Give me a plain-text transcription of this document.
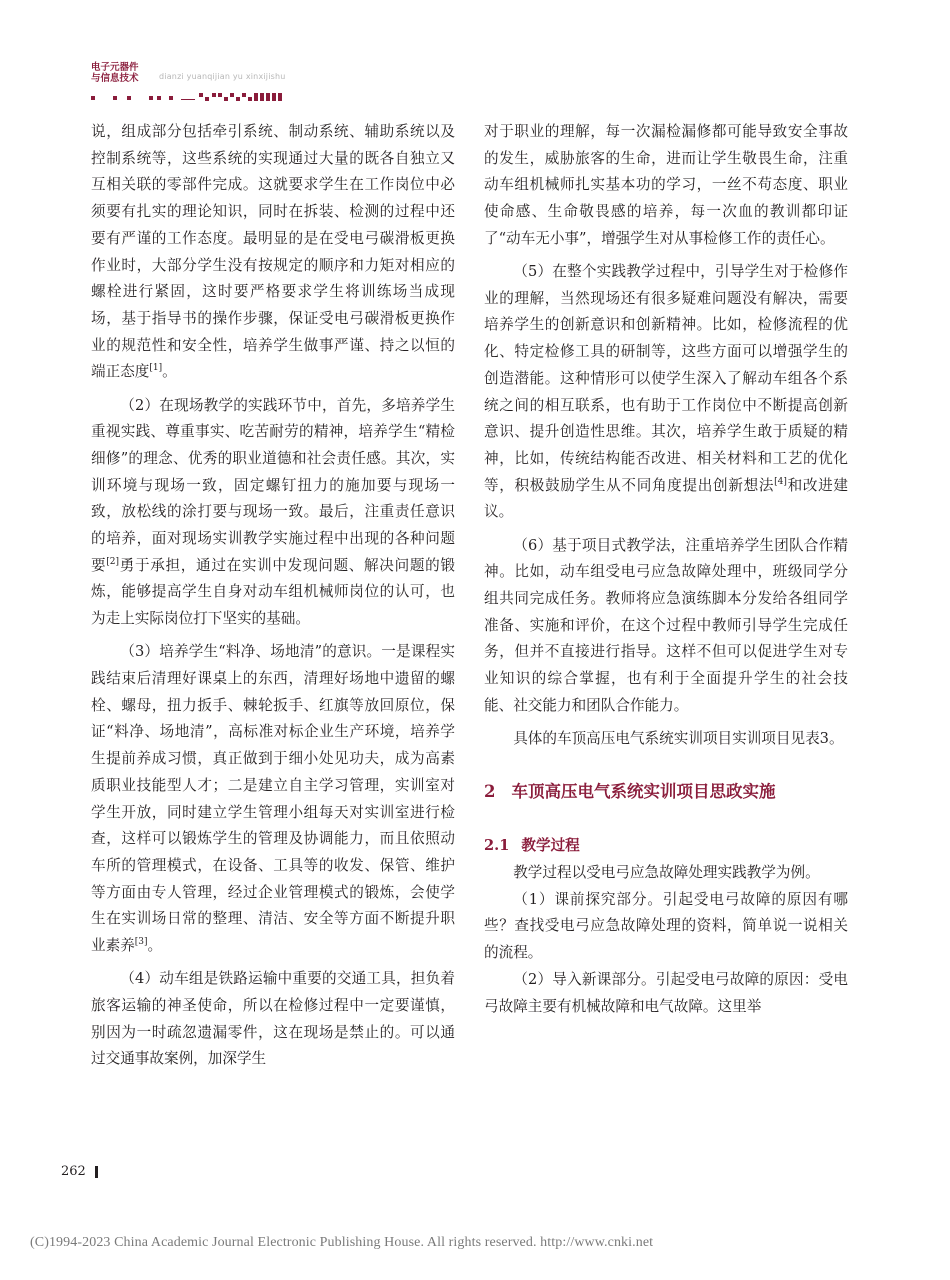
电子元器件
与信息技术	dianzi yuanqijian yu xinxijishu

说，组成部分包括牵引系统、制动系统、辅助系统以及控制系统等，这些系统的实现通过大量的既各自独立又互相关联的零部件完成。这就要求学生在工作岗位中必须要有扎实的理论知识，同时在拆装、检测的过程中还要有严谨的工作态度。最明显的是在受电弓碳滑板更换作业时，大部分学生没有按规定的顺序和力矩对相应的螺栓进行紧固，这时要严格要求学生将训练场当成现场，基于指导书的操作步骤，保证受电弓碳滑板更换作业的规范性和安全性，培养学生做事严谨、持之以恒的端正态度[1]。

（2）在现场教学的实践环节中，首先，多培养学生重视实践、尊重事实、吃苦耐劳的精神，培养学生“精检细修”的理念、优秀的职业道德和社会责任感。其次，实训环境与现场一致，固定螺钉扭力的施加要与现场一致，放松线的涂打要与现场一致。最后，注重责任意识的培养，面对现场实训教学实施过程中出现的各种问题要[2]勇于承担，通过在实训中发现问题、解决问题的锻炼，能够提高学生自身对动车组机械师岗位的认可，也为走上实际岗位打下坚实的基础。

（3）培养学生“料净、场地清”的意识。一是课程实践结束后清理好课桌上的东西，清理好场地中遗留的螺栓、螺母，扭力扳手、棘轮扳手、红旗等放回原位，保证“料净、场地清”，高标准对标企业生产环境，培养学生提前养成习惯，真正做到于细小处见功夫，成为高素质职业技能型人才；二是建立自主学习管理，实训室对学生开放，同时建立学生管理小组每天对实训室进行检查，这样可以锻炼学生的管理及协调能力，而且依照动车所的管理模式，在设备、工具等的收发、保管、维护等方面由专人管理，经过企业管理模式的锻炼，会使学生在实训场日常的整理、清洁、安全等方面不断提升职业素养[3]。

（4）动车组是铁路运输中重要的交通工具，担负着旅客运输的神圣使命，所以在检修过程中一定要谨慎，别因为一时疏忽遗漏零件，这在现场是禁止的。可以通过交通事故案例，加深学生

对于职业的理解，每一次漏检漏修都可能导致安全事故的发生，威胁旅客的生命，进而让学生敬畏生命，注重动车组机械师扎实基本功的学习，一丝不苟态度、职业使命感、生命敬畏感的培养，每一次血的教训都印证了“动车无小事”，增强学生对从事检修工作的责任心。

（5）在整个实践教学过程中，引导学生对于检修作业的理解，当然现场还有很多疑难问题没有解决，需要培养学生的创新意识和创新精神。比如，检修流程的优化、特定检修工具的研制等，这些方面可以增强学生的创造潜能。这种情形可以使学生深入了解动车组各个系统之间的相互联系，也有助于工作岗位中不断提高创新意识、提升创造性思维。其次，培养学生敢于质疑的精神，比如，传统结构能否改进、相关材料和工艺的优化等，积极鼓励学生从不同角度提出创新想法[4]和改进建议。

（6）基于项目式教学法，注重培养学生团队合作精神。比如，动车组受电弓应急故障处理中，班级同学分组共同完成任务。教师将应急演练脚本分发给各组同学准备、实施和评价，在这个过程中教师引导学生完成任务，但并不直接进行指导。这样不但可以促进学生对专业知识的综合掌握，也有利于全面提升学生的社会技能、社交能力和团队合作能力。

具体的车顶高压电气系统实训项目实训项目见表3。

2 车顶高压电气系统实训项目思政实施
2.1 教学过程

教学过程以受电弓应急故障处理实践教学为例。

（1）课前探究部分。引起受电弓故障的原因有哪些？查找受电弓应急故障处理的资料，简单说一说相关的流程。

（2）导入新课部分。引起受电弓故障的原因：受电弓故障主要有机械故障和电气故障。这里举

262
(C)1994-2023 China Academic Journal Electronic Publishing House. All rights reserved. http://www.cnki.net
